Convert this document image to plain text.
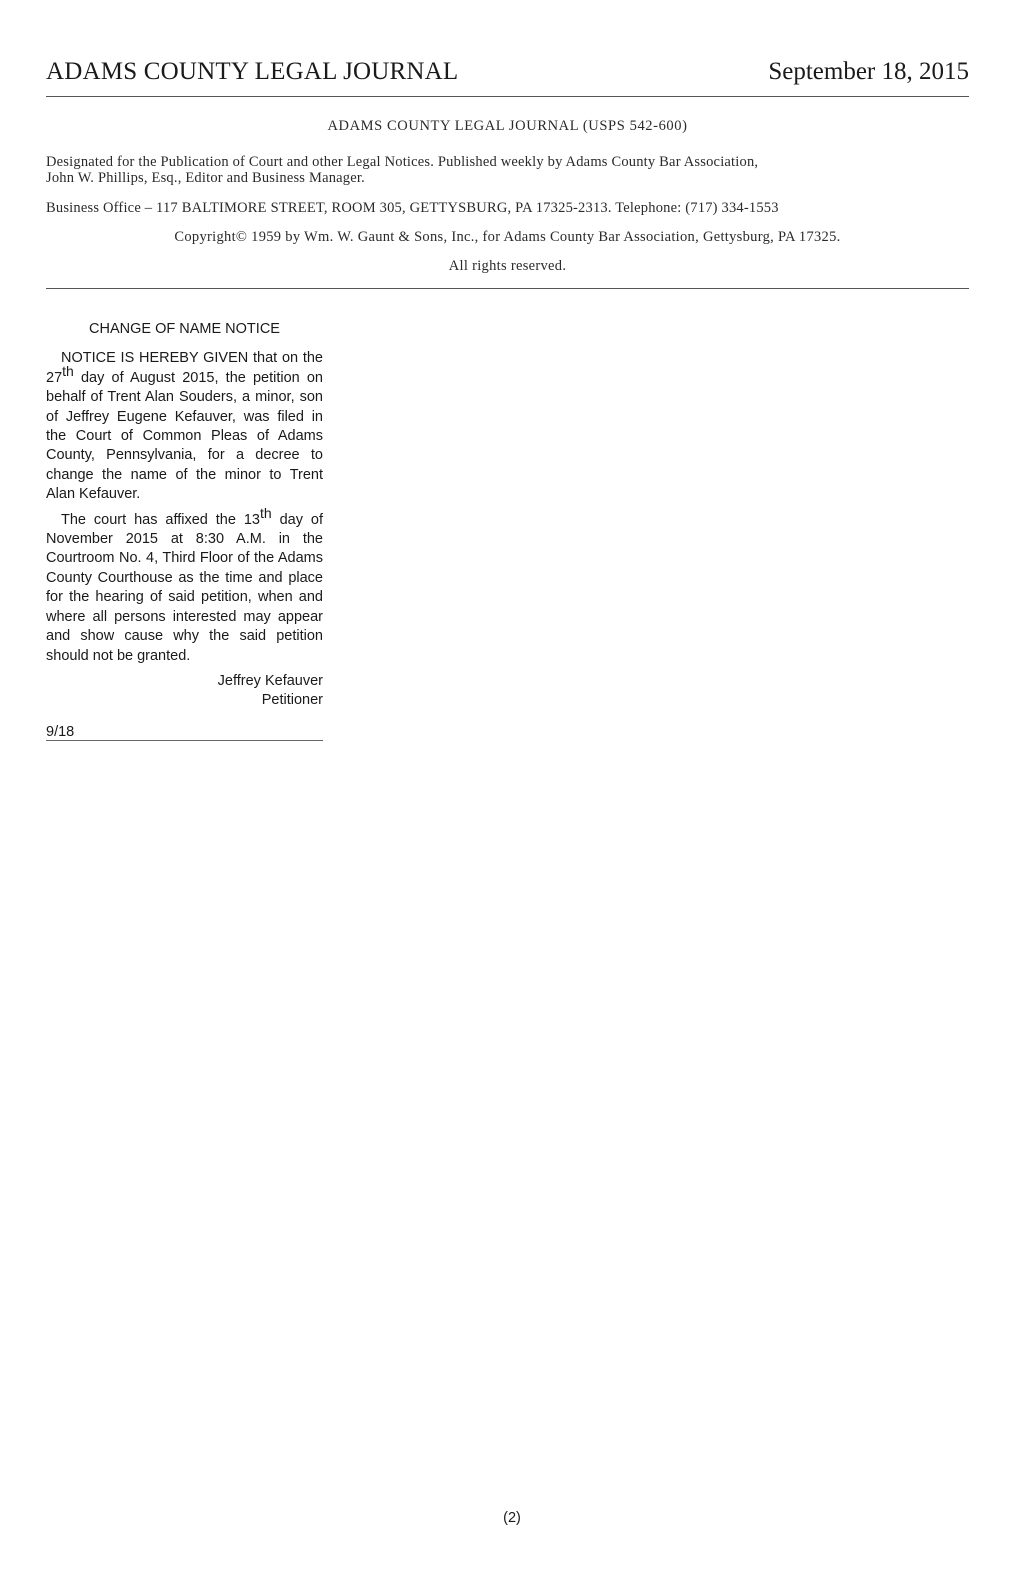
ADAMS COUNTY LEGAL JOURNAL	September 18, 2015

ADAMS COUNTY LEGAL JOURNAL (USPS 542-600)

Designated for the Publication of Court and other Legal Notices. Published weekly by Adams County Bar Association,
John W. Phillips, Esq., Editor and Business Manager.

Business Office – 117 BALTIMORE STREET, ROOM 305, GETTYSBURG, PA 17325-2313. Telephone: (717) 334-1553

Copyright© 1959 by Wm. W. Gaunt & Sons, Inc., for Adams County Bar Association, Gettysburg, PA 17325.

All rights reserved.

CHANGE OF NAME NOTICE

NOTICE IS HEREBY GIVEN that on the 27th day of August 2015, the petition on behalf of Trent Alan Souders, a minor, son of Jeffrey Eugene Kefauver, was filed in the Court of Common Pleas of Adams County, Pennsylvania, for a decree to change the name of the minor to Trent Alan Kefauver.

The court has affixed the 13th day of November 2015 at 8:30 A.M. in the Courtroom No. 4, Third Floor of the Adams County Courthouse as the time and place for the hearing of said petition, when and where all persons interested may appear and show cause why the said petition should not be granted.

Jeffrey Kefauver

Petitioner

9/18

(2)
